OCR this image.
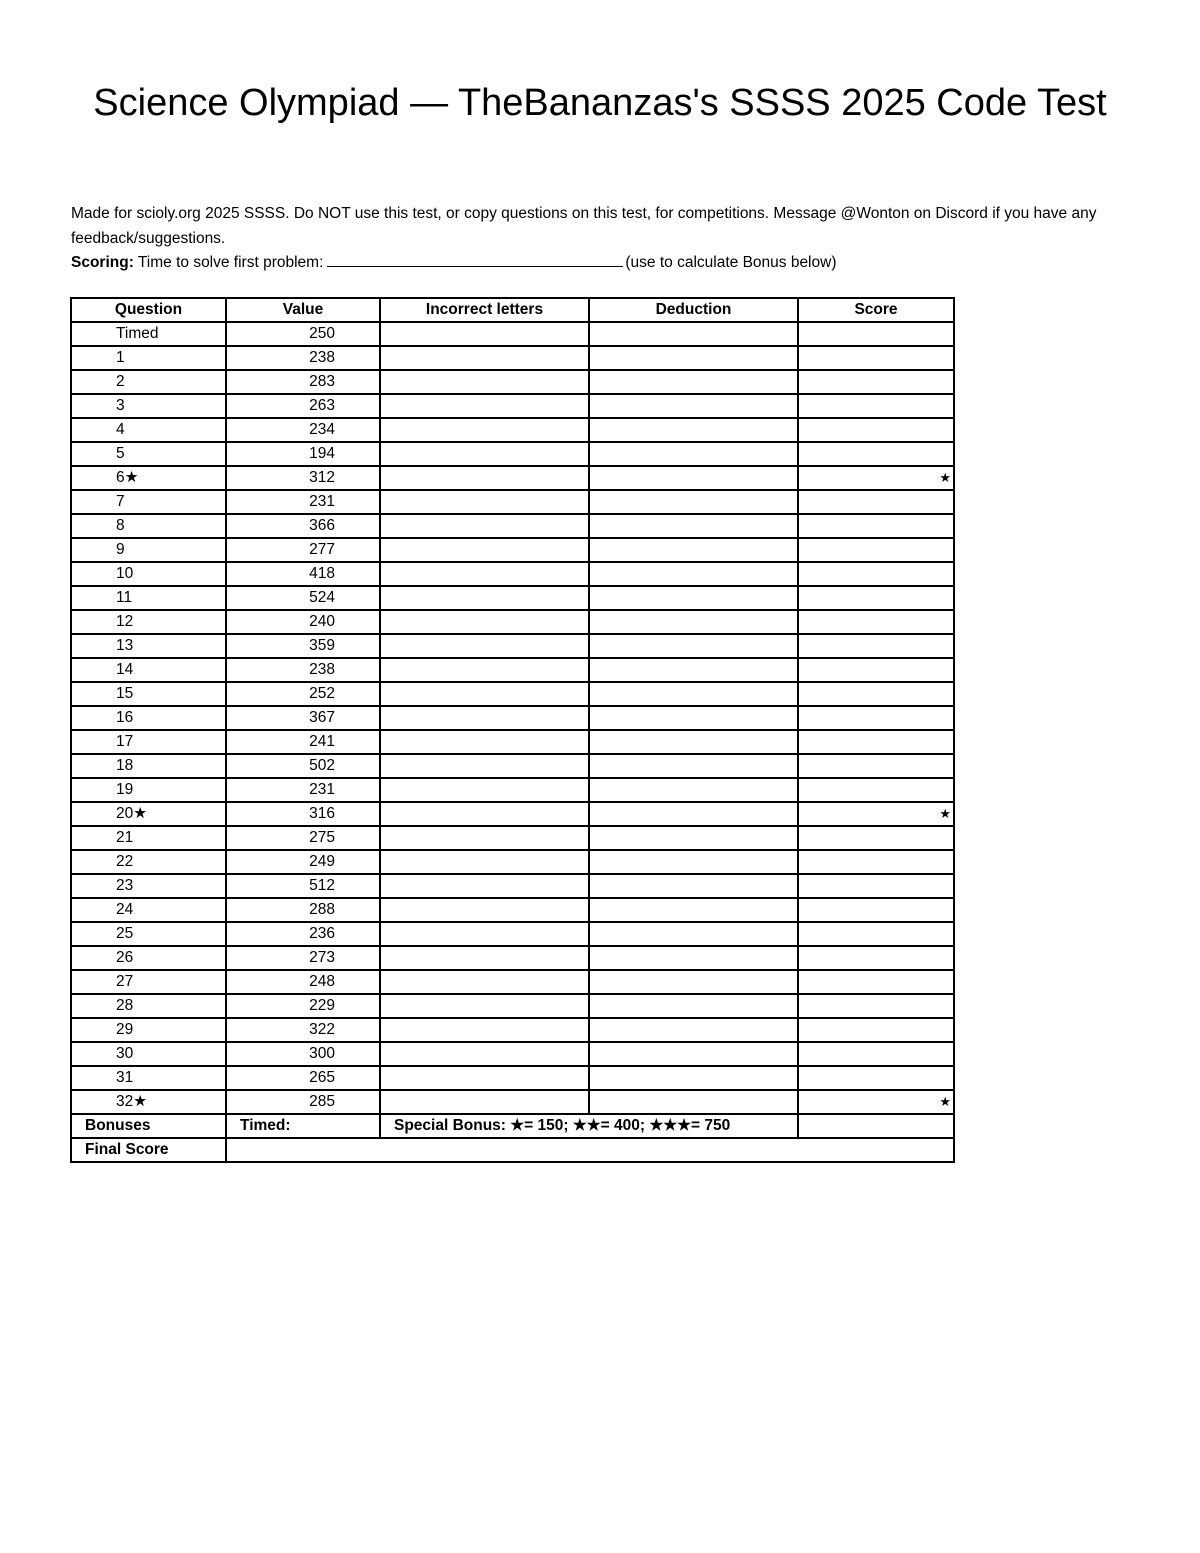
Science Olympiad — TheBananzas's SSSS 2025 Code Test
Made for scioly.org 2025 SSSS. Do NOT use this test, or copy questions on this test, for competitions. Message @Wonton on Discord if you have any feedback/suggestions.
Scoring: Time to solve first problem:	(use to calculate Bonus below)
Question	Value	Incorrect letters	Deduction	Score
Timed	250			
1	238			
2	283			
3	263			
4	234			
5	194			
6★	312			★
7	231			
8	366			
9	277			
10	418			
11	524			
12	240			
13	359			
14	238			
15	252			
16	367			
17	241			
18	502			
19	231			
20★	316			★
21	275			
22	249			
23	512			
24	288			
25	236			
26	273			
27	248			
28	229			
29	322			
30	300			
31	265			
32★	285			★
Bonuses	Timed:	Special Bonus: ★= 150; ★★= 400; ★★★= 750		
Final Score				
